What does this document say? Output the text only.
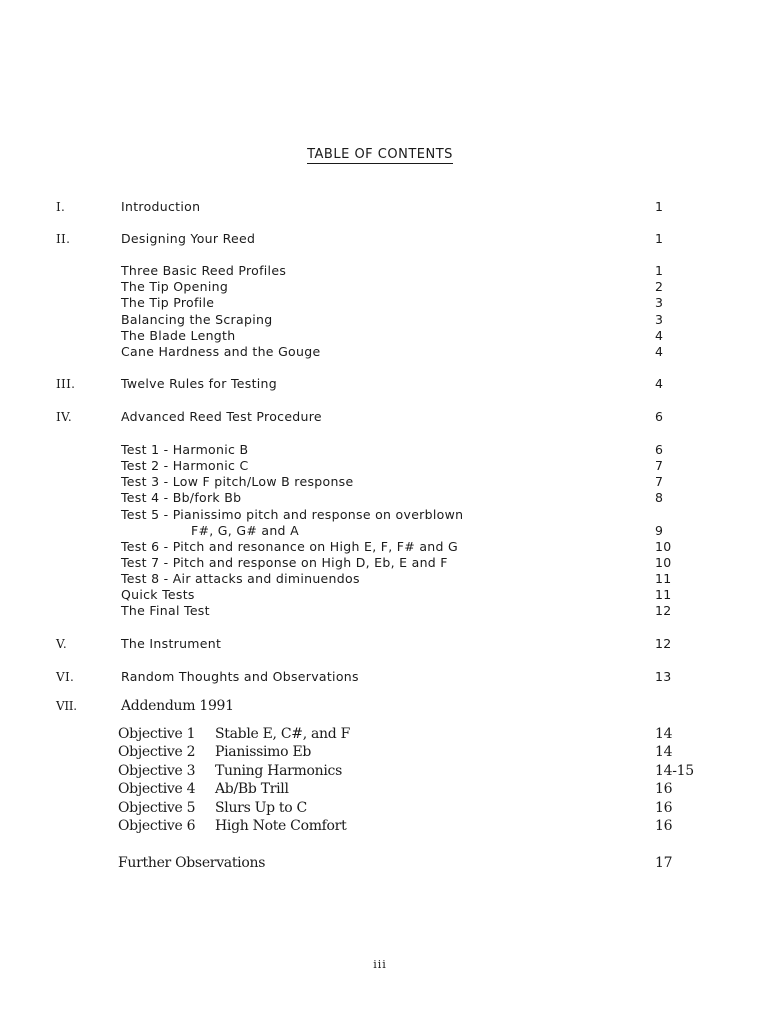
TABLE OF CONTENTS
I.	Introduction	1
II.	Designing Your Reed	1
Three Basic Reed Profiles	1
The Tip Opening	2
The Tip Profile	3
Balancing the Scraping	3
The Blade Length	4
Cane Hardness and the Gouge	4
III.	Twelve Rules for Testing	4
IV.	Advanced Reed Test Procedure	6
Test 1 - Harmonic B	6
Test 2 - Harmonic C	7
Test 3 - Low F pitch/Low B response	7
Test 4 - Bb/fork Bb	8
Test 5 - Pianissimo pitch and response on overblown
F#, G, G# and A	9
Test 6 - Pitch and resonance on High E, F, F# and G	10
Test 7 - Pitch and response on High D, Eb, E and F	10
Test 8 - Air attacks and diminuendos	11
Quick Tests	11
The Final Test	12
V.	The Instrument	12
VI.	Random Thoughts and Observations	13
VII.	Addendum 1991
Objective 1 Stable E, C#, and F	14
Objective 2 Pianissimo Eb	14
Objective 3 Tuning Harmonics	14-15
Objective 4 Ab/Bb Trill	16
Objective 5 Slurs Up to C	16
Objective 6 High Note Comfort	16
Further Observations	17
iii
